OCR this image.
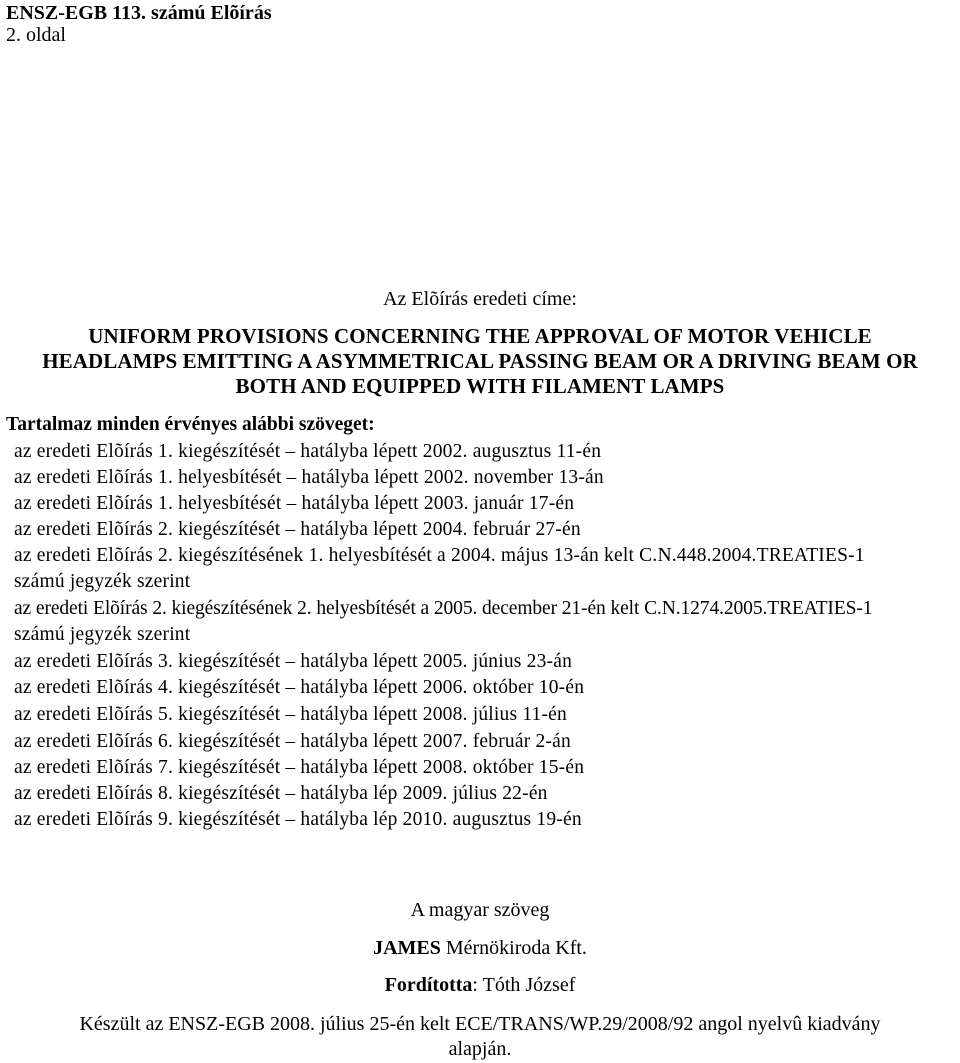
ENSZ-EGB 113. számú Elõírás
2. oldal
Az Elõírás eredeti címe:
UNIFORM PROVISIONS CONCERNING THE APPROVAL OF MOTOR VEHICLE
HEADLAMPS EMITTING A ASYMMETRICAL PASSING BEAM OR A DRIVING BEAM OR
BOTH AND EQUIPPED WITH FILAMENT LAMPS
Tartalmaz minden érvényes alábbi szöveget:
az eredeti Elõírás 1. kiegészítését – hatályba lépett 2002. augusztus 11-én
az eredeti Elõírás 1. helyesbítését – hatályba lépett 2002. november 13-án
az eredeti Elõírás 1. helyesbítését – hatályba lépett 2003. január 17-én
az eredeti Elõírás 2. kiegészítését – hatályba lépett 2004. február 27-én
az eredeti Elõírás 2. kiegészítésének 1. helyesbítését a 2004. május 13-án kelt C.N.448.2004.TREATIES-1
számú jegyzék szerint
az eredeti Elõírás 2. kiegészítésének 2. helyesbítését a 2005. december 21-én kelt C.N.1274.2005.TREATIES-1
számú jegyzék szerint
az eredeti Elõírás 3. kiegészítését – hatályba lépett 2005. június 23-án
az eredeti Elõírás 4. kiegészítését – hatályba lépett 2006. október 10-én
az eredeti Elõírás 5. kiegészítését – hatályba lépett 2008. július 11-én
az eredeti Elõírás 6. kiegészítését – hatályba lépett 2007. február 2-án
az eredeti Elõírás 7. kiegészítését – hatályba lépett 2008. október 15-én
az eredeti Elõírás 8. kiegészítését – hatályba lép 2009. július 22-én
az eredeti Elõírás 9. kiegészítését – hatályba lép 2010. augusztus 19-én
A magyar szöveg
JAMES Mérnökiroda Kft.
Fordította: Tóth József
Készült az ENSZ-EGB 2008. július 25-én kelt ECE/TRANS/WP.29/2008/92 angol nyelvû kiadvány
alapján.
